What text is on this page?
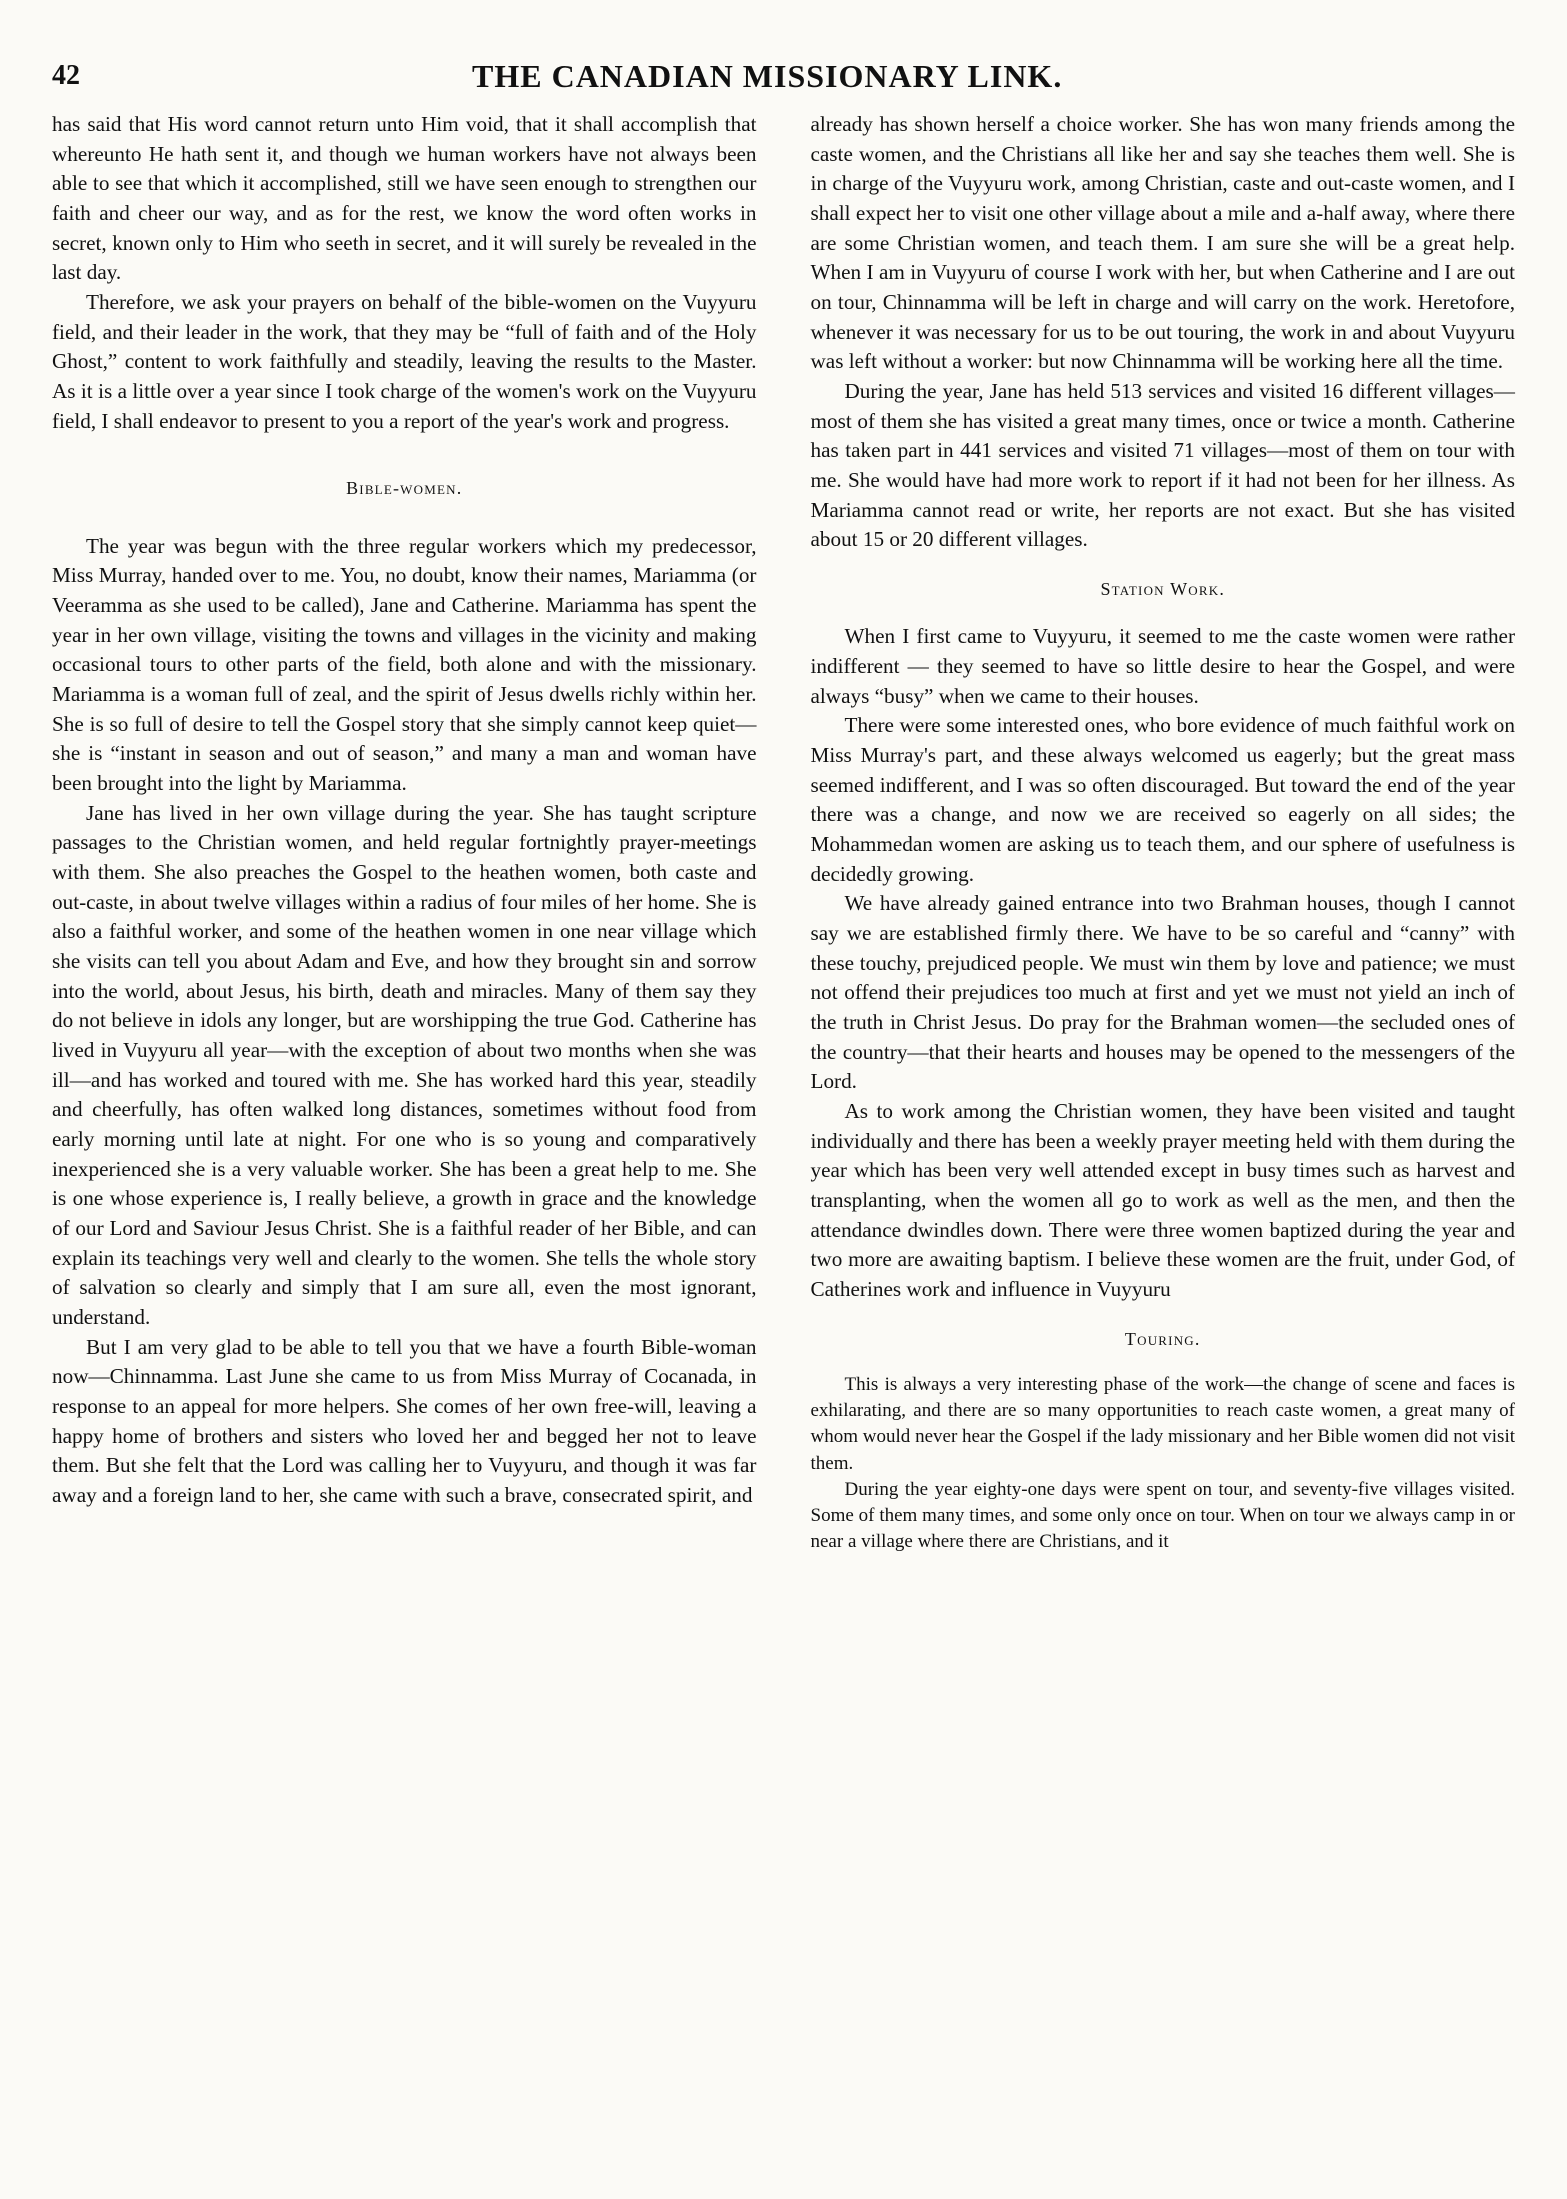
42	THE CANADIAN MISSIONARY LINK.

has said that His word cannot return unto Him void, that it shall accomplish that whereunto He hath sent it, and though we human workers have not always been able to see that which it accomplished, still we have seen enough to strengthen our faith and cheer our way, and as for the rest, we know the word often works in secret, known only to Him who seeth in secret, and it will surely be revealed in the last day.

Therefore, we ask your prayers on behalf of the bible-women on the Vuyyuru field, and their leader in the work, that they may be “full of faith and of the Holy Ghost,” content to work faithfully and steadily, leaving the results to the Master. As it is a little over a year since I took charge of the women's work on the Vuyyuru field, I shall endeavor to present to you a report of the year's work and progress.

Bible-women.

The year was begun with the three regular workers which my predecessor, Miss Murray, handed over to me. You, no doubt, know their names, Mariamma (or Veeramma as she used to be called), Jane and Catherine. Mariamma has spent the year in her own village, visiting the towns and villages in the vicinity and making occasional tours to other parts of the field, both alone and with the missionary. Mariamma is a woman full of zeal, and the spirit of Jesus dwells richly within her. She is so full of desire to tell the Gospel story that she simply cannot keep quiet—she is “instant in season and out of season,” and many a man and woman have been brought into the light by Mariamma.

Jane has lived in her own village during the year. She has taught scripture passages to the Christian women, and held regular fortnightly prayer-meetings with them. She also preaches the Gospel to the heathen women, both caste and out-caste, in about twelve villages within a radius of four miles of her home. She is also a faithful worker, and some of the heathen women in one near village which she visits can tell you about Adam and Eve, and how they brought sin and sorrow into the world, about Jesus, his birth, death and miracles. Many of them say they do not believe in idols any longer, but are worshipping the true God. Catherine has lived in Vuyyuru all year—with the exception of about two months when she was ill—and has worked and toured with me. She has worked hard this year, steadily and cheerfully, has often walked long distances, sometimes without food from early morning until late at night. For one who is so young and comparatively inexperienced she is a very valuable worker. She has been a great help to me. She is one whose experience is, I really believe, a growth in grace and the knowledge of our Lord and Saviour Jesus Christ. She is a faithful reader of her Bible, and can explain its teachings very well and clearly to the women. She tells the whole story of salvation so clearly and simply that I am sure all, even the most ignorant, understand.

But I am very glad to be able to tell you that we have a fourth Bible-woman now—Chinnamma. Last June she came to us from Miss Murray of Cocanada, in response to an appeal for more helpers. She comes of her own free-will, leaving a happy home of brothers and sisters who loved her and begged her not to leave them. But she felt that the Lord was calling her to Vuyyuru, and though it was far away and a foreign land to her, she came with such a brave, consecrated spirit, and

already has shown herself a choice worker. She has won many friends among the caste women, and the Christians all like her and say she teaches them well. She is in charge of the Vuyyuru work, among Christian, caste and out-caste women, and I shall expect her to visit one other village about a mile and a-half away, where there are some Christian women, and teach them. I am sure she will be a great help. When I am in Vuyyuru of course I work with her, but when Catherine and I are out on tour, Chinnamma will be left in charge and will carry on the work. Heretofore, whenever it was necessary for us to be out touring, the work in and about Vuyyuru was left without a worker: but now Chinnamma will be working here all the time.

During the year, Jane has held 513 services and visited 16 different villages—most of them she has visited a great many times, once or twice a month. Catherine has taken part in 441 services and visited 71 villages—most of them on tour with me. She would have had more work to report if it had not been for her illness. As Mariamma cannot read or write, her reports are not exact. But she has visited about 15 or 20 different villages.

Station Work.

When I first came to Vuyyuru, it seemed to me the caste women were rather indifferent — they seemed to have so little desire to hear the Gospel, and were always “busy” when we came to their houses.

There were some interested ones, who bore evidence of much faithful work on Miss Murray's part, and these always welcomed us eagerly; but the great mass seemed indifferent, and I was so often discouraged. But toward the end of the year there was a change, and now we are received so eagerly on all sides; the Mohammedan women are asking us to teach them, and our sphere of usefulness is decidedly growing.

We have already gained entrance into two Brahman houses, though I cannot say we are established firmly there. We have to be so careful and “canny” with these touchy, prejudiced people. We must win them by love and patience; we must not offend their prejudices too much at first and yet we must not yield an inch of the truth in Christ Jesus. Do pray for the Brahman women—the secluded ones of the country—that their hearts and houses may be opened to the messengers of the Lord.

As to work among the Christian women, they have been visited and taught individually and there has been a weekly prayer meeting held with them during the year which has been very well attended except in busy times such as harvest and transplanting, when the women all go to work as well as the men, and then the attendance dwindles down. There were three women baptized during the year and two more are awaiting baptism. I believe these women are the fruit, under God, of Catherines work and influence in Vuyyuru

Touring.

This is always a very interesting phase of the work—the change of scene and faces is exhilarating, and there are so many opportunities to reach caste women, a great many of whom would never hear the Gospel if the lady missionary and her Bible women did not visit them.

During the year eighty-one days were spent on tour, and seventy-five villages visited. Some of them many times, and some only once on tour. When on tour we always camp in or near a village where there are Christians, and it
